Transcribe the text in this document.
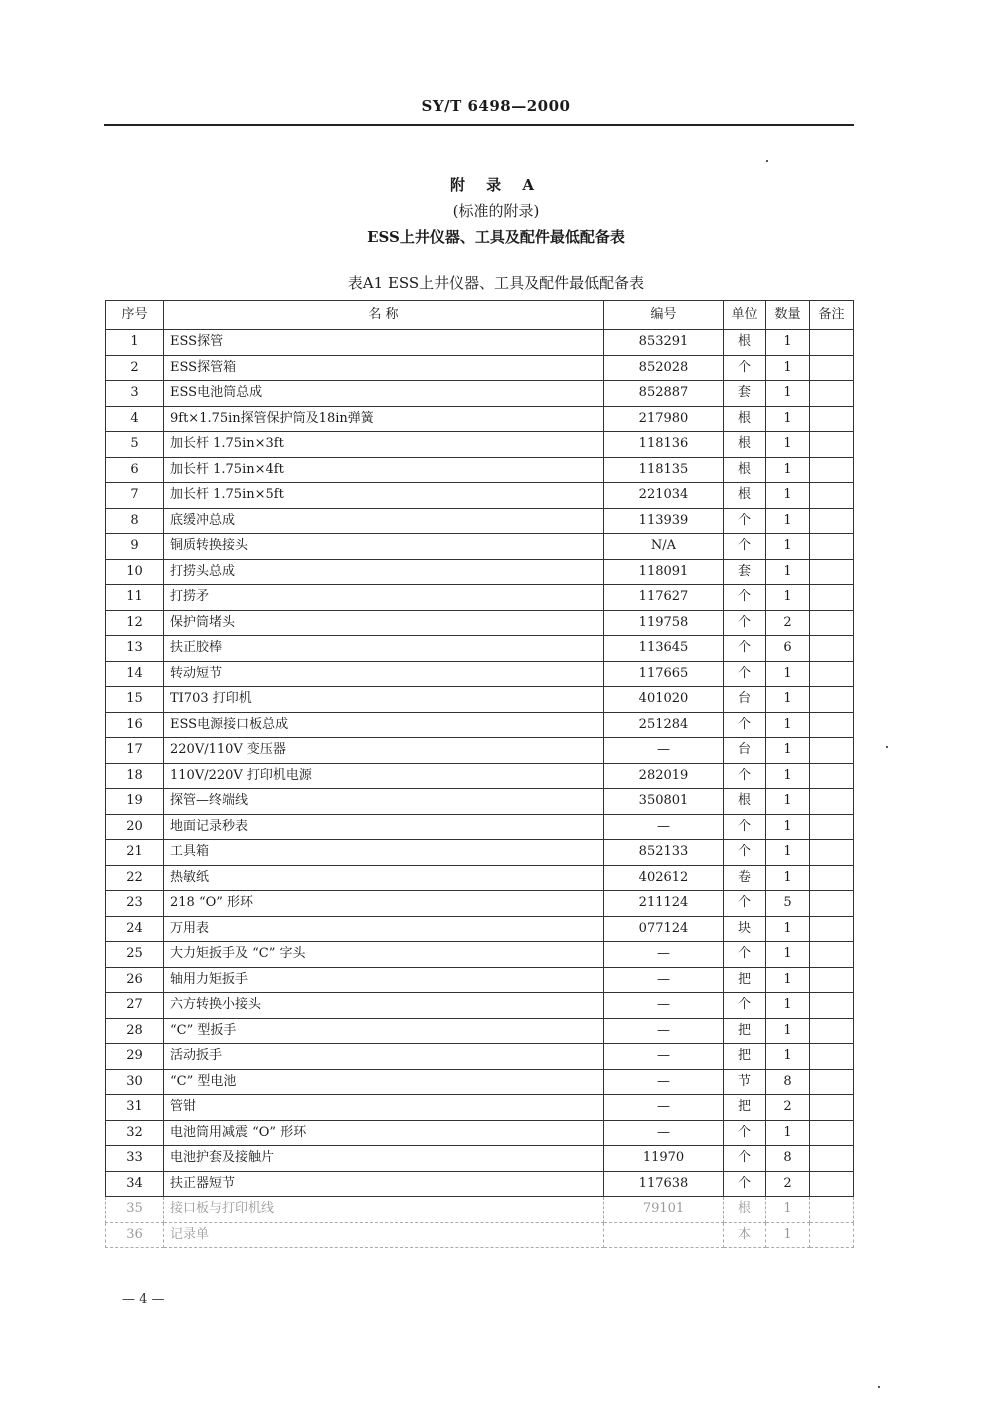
SY/T 6498—2000
附 录 A
(标准的附录)
ESS上井仪器、工具及配件最低配备表
表A1 ESS上井仪器、工具及配件最低配备表
序号	名 称	编号	单位	数量	备注
1	ESS探管	853291	根	1	
2	ESS探管箱	852028	个	1	
3	ESS电池筒总成	852887	套	1	
4	9ft×1.75in探管保护筒及18in弹簧	217980	根	1	
5	加长杆 1.75in×3ft	118136	根	1	
6	加长杆 1.75in×4ft	118135	根	1	
7	加长杆 1.75in×5ft	221034	根	1	
8	底缓冲总成	113939	个	1	
9	铜质转换接头	N/A	个	1	
10	打捞头总成	118091	套	1	
11	打捞矛	117627	个	1	
12	保护筒堵头	119758	个	2	
13	扶正胶棒	113645	个	6	
14	转动短节	117665	个	1	
15	TI703 打印机	401020	台	1	
16	ESS电源接口板总成	251284	个	1	
17	220V/110V 变压器	—	台	1	
18	110V/220V 打印机电源	282019	个	1	
19	探管—终端线	350801	根	1	
20	地面记录秒表	—	个	1	
21	工具箱	852133	个	1	
22	热敏纸	402612	卷	1	
23	218 “O” 形环	211124	个	5	
24	万用表	077124	块	1	
25	大力矩扳手及 “C” 字头	—	个	1	
26	轴用力矩扳手	—	把	1	
27	六方转换小接头	—	个	1	
28	“C” 型扳手	—	把	1	
29	活动扳手	—	把	1	
30	“C” 型电池	—	节	8	
31	管钳	—	把	2	
32	电池筒用减震 “O” 形环	—	个	1	
33	电池护套及接触片	11970	个	8	
34	扶正器短节	117638	个	2	
35	接口板与打印机线	79101	根	1	
36	记录单		本	1	
— 4 —
